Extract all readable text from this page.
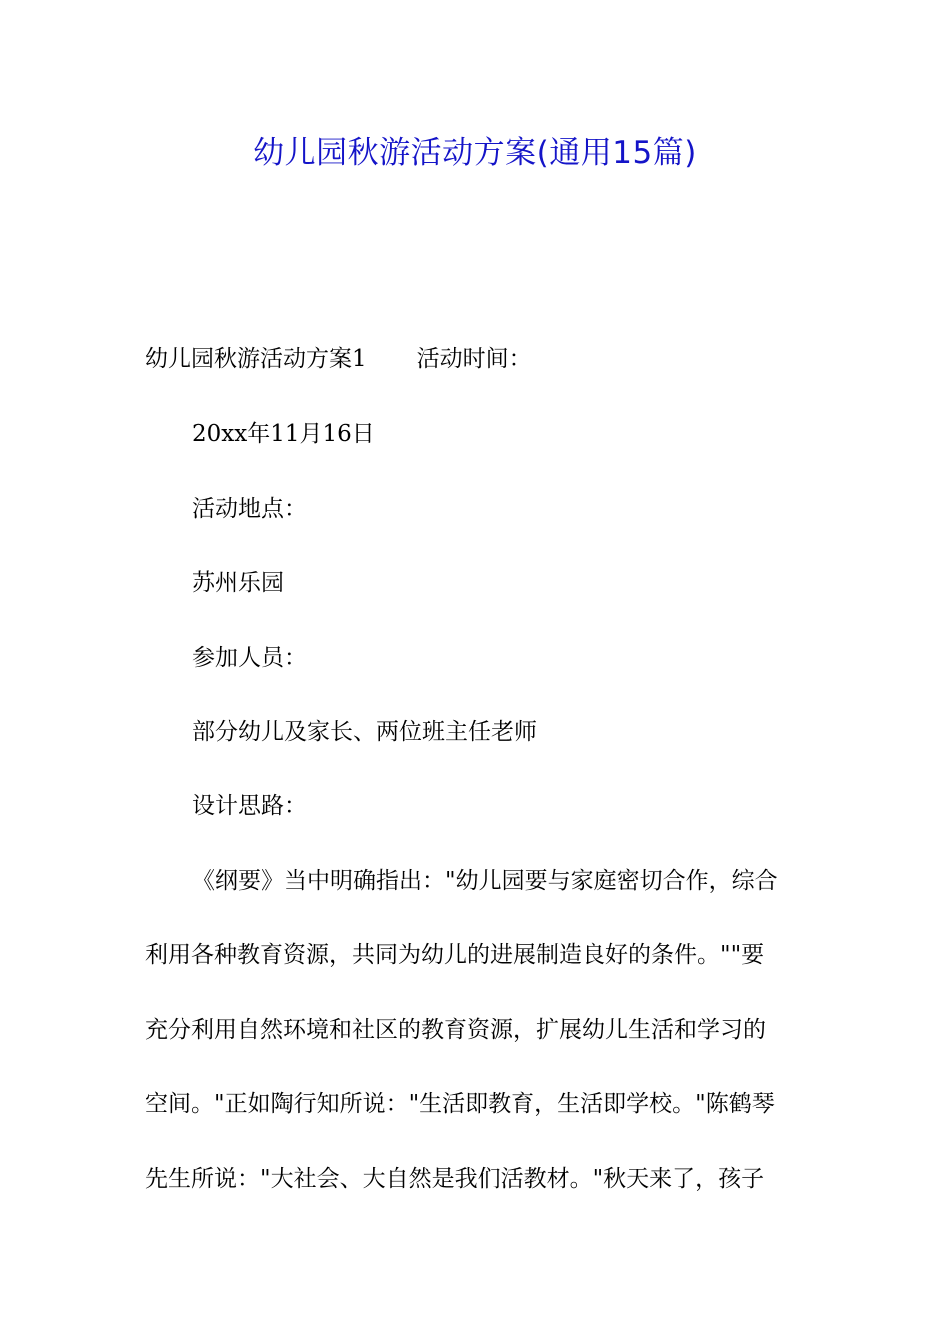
幼儿园秋游活动方案(通用15篇)

幼儿园秋游活动方案1 活动时间：

20xx年11月16日

活动地点：

苏州乐园

参加人员：

部分幼儿及家长、两位班主任老师

设计思路：

《纲要》当中明确指出："幼儿园要与家庭密切合作，综合

利用各种教育资源，共同为幼儿的进展制造良好的条件。""要

充分利用自然环境和社区的教育资源，扩展幼儿生活和学习的

空间。"正如陶行知所说："生活即教育，生活即学校。"陈鹤琴

先生所说："大社会、大自然是我们活教材。"秋天来了，孩子
